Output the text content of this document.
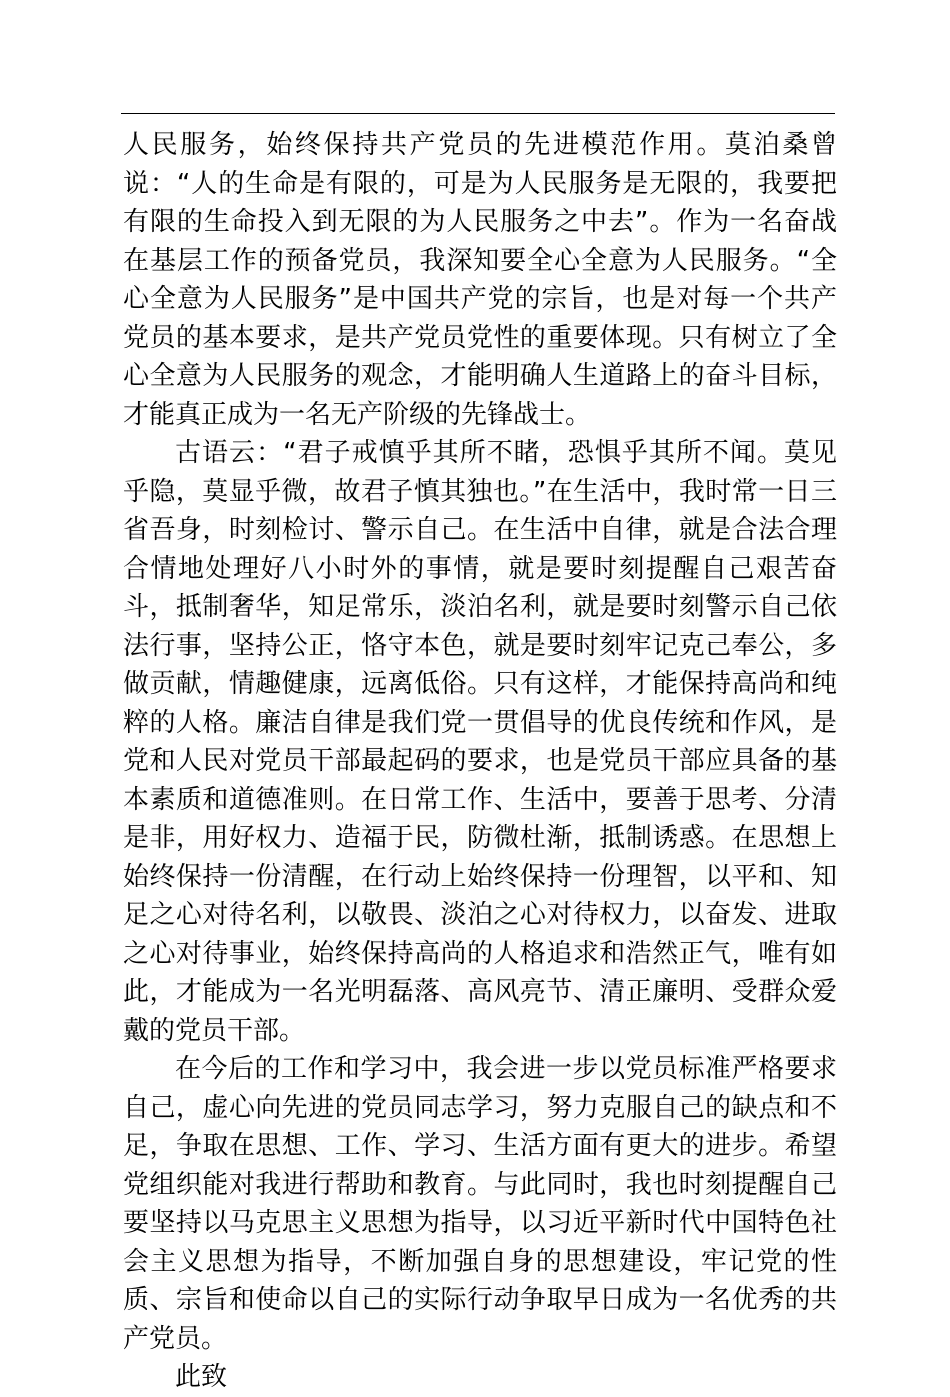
人民服务，始终保持共产党员的先进模范作用。莫泊桑曾说：“人的生命是有限的，可是为人民服务是无限的，我要把有限的生命投入到无限的为人民服务之中去”。作为一名奋战在基层工作的预备党员，我深知要全心全意为人民服务。“全心全意为人民服务”是中国共产党的宗旨，也是对每一个共产党员的基本要求，是共产党员党性的重要体现。只有树立了全心全意为人民服务的观念，才能明确人生道路上的奋斗目标，才能真正成为一名无产阶级的先锋战士。

古语云：“君子戒慎乎其所不睹，恐惧乎其所不闻。莫见乎隐，莫显乎微，故君子慎其独也。”在生活中，我时常一日三省吾身，时刻检讨、警示自己。在生活中自律，就是合法合理合情地处理好八小时外的事情，就是要时刻提醒自己艰苦奋斗，抵制奢华，知足常乐，淡泊名利，就是要时刻警示自己依法行事，坚持公正，恪守本色，就是要时刻牢记克己奉公，多做贡献，情趣健康，远离低俗。只有这样，才能保持高尚和纯粹的人格。廉洁自律是我们党一贯倡导的优良传统和作风，是党和人民对党员干部最起码的要求，也是党员干部应具备的基本素质和道德准则。在日常工作、生活中，要善于思考、分清是非，用好权力、造福于民，防微杜渐，抵制诱惑。在思想上始终保持一份清醒，在行动上始终保持一份理智，以平和、知足之心对待名利，以敬畏、淡泊之心对待权力，以奋发、进取之心对待事业，始终保持高尚的人格追求和浩然正气，唯有如此，才能成为一名光明磊落、高风亮节、清正廉明、受群众爱戴的党员干部。

在今后的工作和学习中，我会进一步以党员标准严格要求自己，虚心向先进的党员同志学习，努力克服自己的缺点和不足，争取在思想、工作、学习、生活方面有更大的进步。希望党组织能对我进行帮助和教育。与此同时，我也时刻提醒自己要坚持以马克思主义思想为指导，以习近平新时代中国特色社会主义思想为指导，不断加强自身的思想建设，牢记党的性质、宗旨和使命以自己的实际行动争取早日成为一名优秀的共产党员。

此致
